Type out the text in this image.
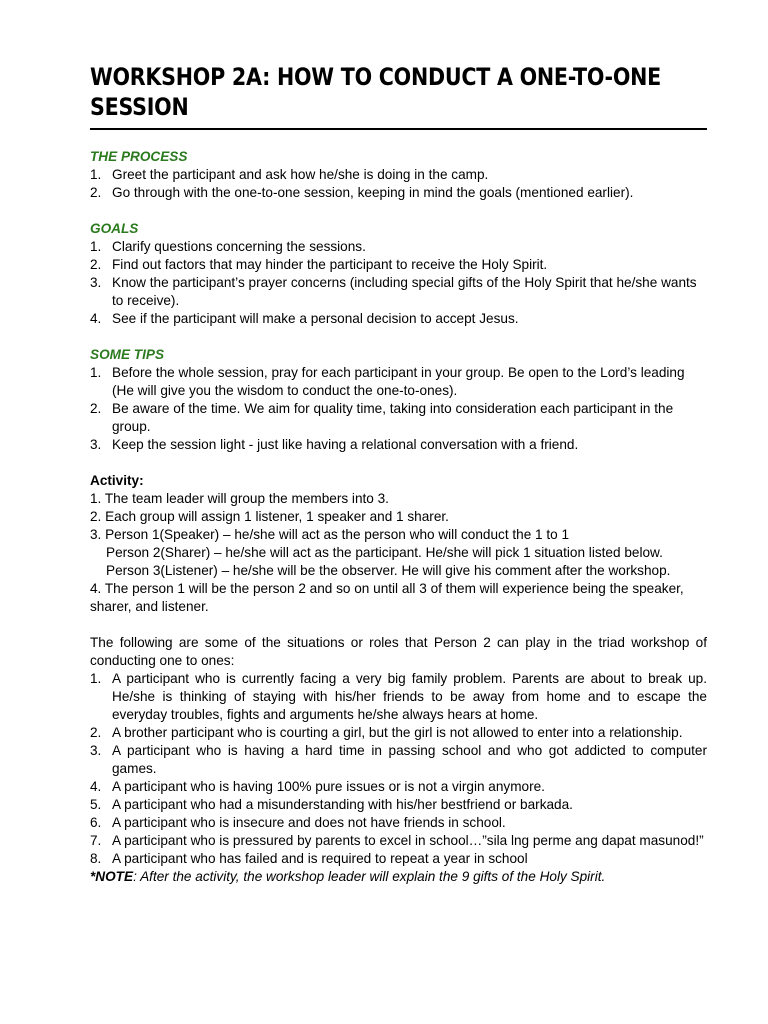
WORKSHOP 2A: HOW TO CONDUCT A ONE-TO-ONE
SESSION

THE PROCESS

1. Greet the participant and ask how he/she is doing in the camp.
2. Go through with the one-to-one session, keeping in mind the goals (mentioned earlier).

GOALS

1. Clarify questions concerning the sessions.
2. Find out factors that may hinder the participant to receive the Holy Spirit.
3. Know the participant’s prayer concerns (including special gifts of the Holy Spirit that he/she wants to receive).
4. See if the participant will make a personal decision to accept Jesus.

SOME TIPS

1. Before the whole session, pray for each participant in your group. Be open to the Lord’s leading (He will give you the wisdom to conduct the one-to-ones).
2. Be aware of the time. We aim for quality time, taking into consideration each participant in the group.
3. Keep the session light - just like having a relational conversation with a friend.

Activity:

1. The team leader will group the members into 3.

2. Each group will assign 1 listener, 1 speaker and 1 sharer.

3. Person 1(Speaker) – he/she will act as the person who will conduct the 1 to 1

Person 2(Sharer) – he/she will act as the participant. He/she will pick 1 situation listed below.

Person 3(Listener) – he/she will be the observer. He will give his comment after the workshop.

4. The person 1 will be the person 2 and so on until all 3 of them will experience being the speaker, sharer, and listener.

The following are some of the situations or roles that Person 2 can play in the triad workshop of conducting one to ones:

1. A participant who is currently facing a very big family problem. Parents are about to break up. He/she is thinking of staying with his/her friends to be away from home and to escape the everyday troubles, fights and arguments he/she always hears at home.
2. A brother participant who is courting a girl, but the girl is not allowed to enter into a relationship.
3. A participant who is having a hard time in passing school and who got addicted to computer games.
4. A participant who is having 100% pure issues or is not a virgin anymore.
5. A participant who had a misunderstanding with his/her bestfriend or barkada.
6. A participant who is insecure and does not have friends in school.
7. A participant who is pressured by parents to excel in school…”sila lng perme ang dapat masunod!”
8. A participant who has failed and is required to repeat a year in school

*NOTE: After the activity, the workshop leader will explain the 9 gifts of the Holy Spirit.
